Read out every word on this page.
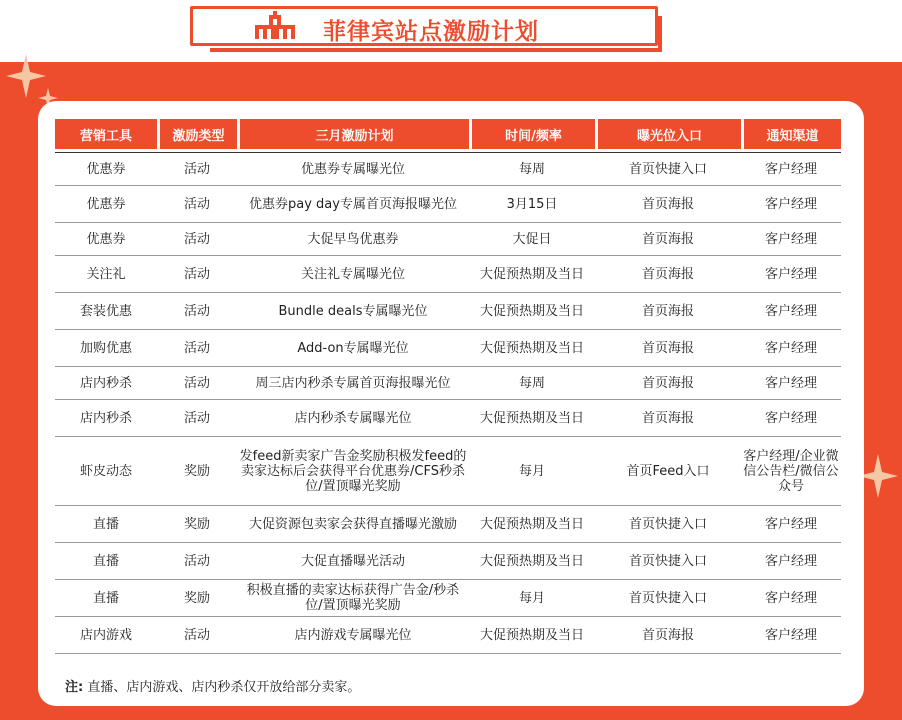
菲律宾站点激励计划
营销工具	激励类型	三月激励计划	时间/频率	曝光位入口	通知渠道

优惠券	活动	优惠券专属曝光位	每周	首页快捷入口	客户经理
优惠券	活动	优惠券pay day专属首页海报曝光位	3月15日	首页海报	客户经理
优惠券	活动	大促早鸟优惠券	大促日	首页海报	客户经理
关注礼	活动	关注礼专属曝光位	大促预热期及当日	首页海报	客户经理
套装优惠	活动	Bundle deals专属曝光位	大促预热期及当日	首页海报	客户经理
加购优惠	活动	Add-on专属曝光位	大促预热期及当日	首页海报	客户经理
店内秒杀	活动	周三店内秒杀专属首页海报曝光位	每周	首页海报	客户经理
店内秒杀	活动	店内秒杀专属曝光位	大促预热期及当日	首页海报	客户经理
虾皮动态	奖励	发feed新卖家广告金奖励积极发feed的卖家达标后会获得平台优惠券/CFS秒杀位/置顶曝光奖励	每月	首页Feed入口	客户经理/企业微信公告栏/微信公众号
直播	奖励	大促资源包卖家会获得直播曝光激励	大促预热期及当日	首页快捷入口	客户经理
直播	活动	大促直播曝光活动	大促预热期及当日	首页快捷入口	客户经理
直播	奖励	积极直播的卖家达标获得广告金/秒杀位/置顶曝光奖励	每月	首页快捷入口	客户经理
店内游戏	活动	店内游戏专属曝光位	大促预热期及当日	首页海报	客户经理
注: 直播、店内游戏、店内秒杀仅开放给部分卖家。
